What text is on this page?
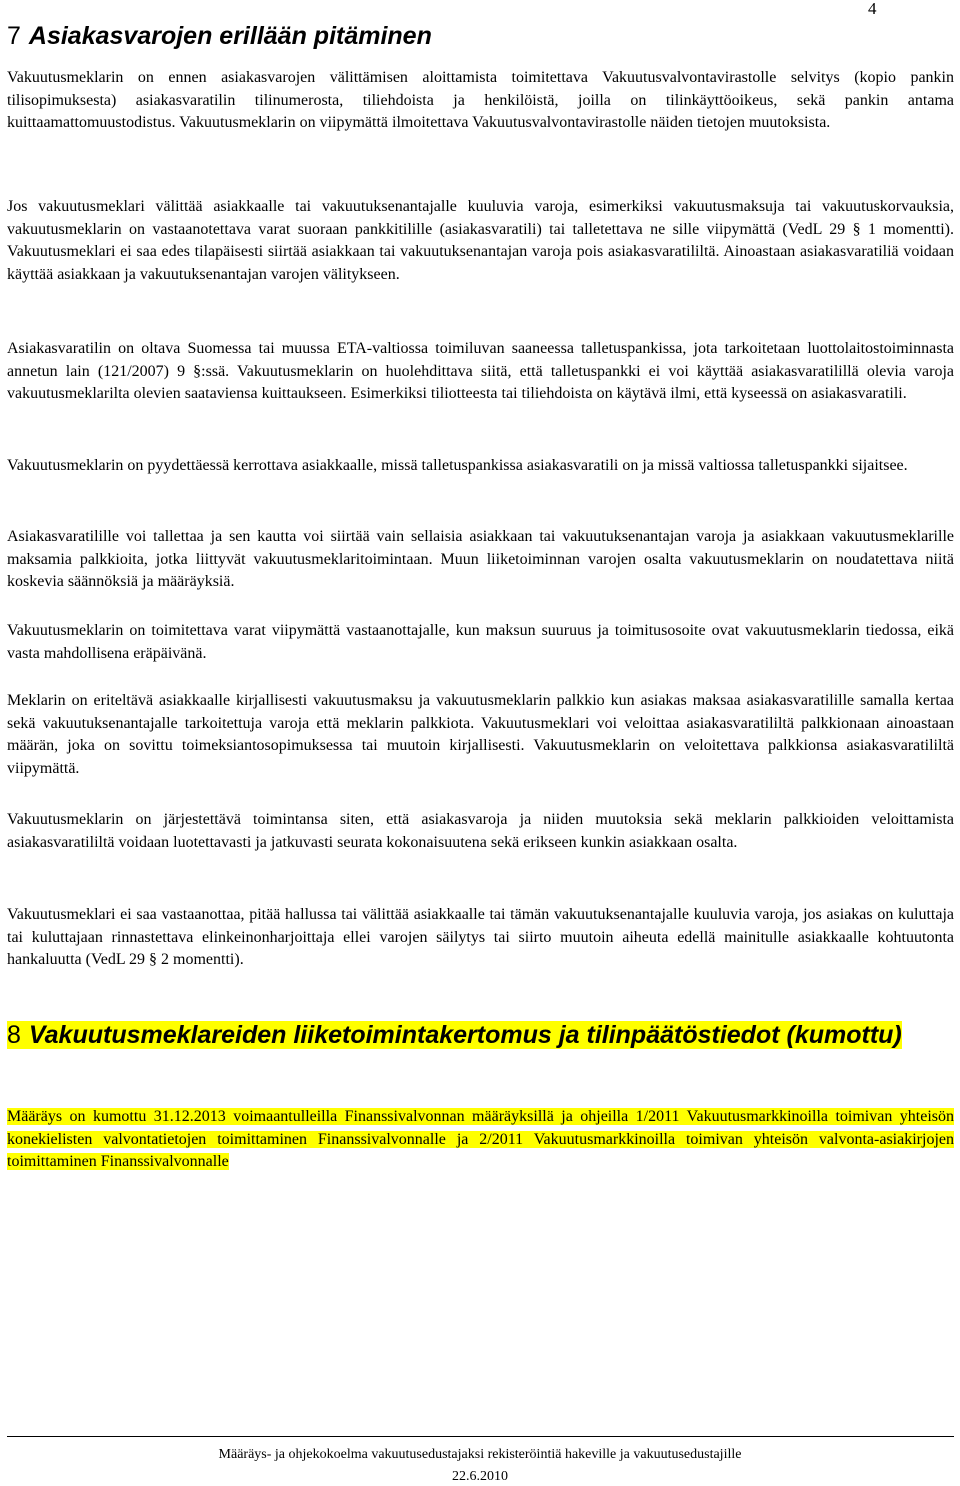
4
7 Asiakasvarojen erillään pitäminen

Vakuutusmeklarin on ennen asiakasvarojen välittämisen aloittamista toimitettava Vakuutusvalvontavirastolle selvitys (kopio pankin tilisopimuksesta) asiakasvaratilin tilinumerosta, tiliehdoista ja henkilöistä, joilla on tilinkäyttöoikeus, sekä pankin antama kuittaamattomuustodistus. Vakuutusmeklarin on viipymättä ilmoitettava Vakuutusvalvontavirastolle näiden tietojen muutoksista.

Jos vakuutusmeklari välittää asiakkaalle tai vakuutuksenantajalle kuuluvia varoja, esimerkiksi vakuutusmaksuja tai vakuutuskorvauksia, vakuutusmeklarin on vastaanotettava varat suoraan pankkitilille (asiakasvaratili) tai talletettava ne sille viipymättä (VedL 29 § 1 momentti). Vakuutusmeklari ei saa edes tilapäisesti siirtää asiakkaan tai vakuutuksenantajan varoja pois asiakasvaratililtä. Ainoastaan asiakasvaratiliä voidaan käyttää asiakkaan ja vakuutuksenantajan varojen välitykseen.

Asiakasvaratilin on oltava Suomessa tai muussa ETA-valtiossa toimiluvan saaneessa talletuspankissa, jota tarkoitetaan luottolaitostoiminnasta annetun lain (121/2007) 9 §:ssä. Vakuutusmeklarin on huolehdittava siitä, että talletuspankki ei voi käyttää asiakasvaratilillä olevia varoja vakuutusmeklarilta olevien saataviensa kuittaukseen. Esimerkiksi tiliotteesta tai tiliehdoista on käytävä ilmi, että kyseessä on asiakasvaratili.

Vakuutusmeklarin on pyydettäessä kerrottava asiakkaalle, missä talletuspankissa asiakasvaratili on ja missä valtiossa talletuspankki sijaitsee.

Asiakasvaratilille voi tallettaa ja sen kautta voi siirtää vain sellaisia asiakkaan tai vakuutuksenantajan varoja ja asiakkaan vakuutusmeklarille maksamia palkkioita, jotka liittyvät vakuutusmeklaritoimintaan. Muun liiketoiminnan varojen osalta vakuutusmeklarin on noudatettava niitä koskevia säännöksiä ja määräyksiä.

Vakuutusmeklarin on toimitettava varat viipymättä vastaanottajalle, kun maksun suuruus ja toimitusosoite ovat vakuutusmeklarin tiedossa, eikä vasta mahdollisena eräpäivänä.

Meklarin on eriteltävä asiakkaalle kirjallisesti vakuutusmaksu ja vakuutusmeklarin palkkio kun asiakas maksaa asiakasvaratilille samalla kertaa sekä vakuutuksenantajalle tarkoitettuja varoja että meklarin palkkiota. Vakuutusmeklari voi veloittaa asiakasvaratililtä palkkionaan ainoastaan määrän, joka on sovittu toimeksiantosopimuksessa tai muutoin kirjallisesti. Vakuutusmeklarin on veloitettava palkkionsa asiakasvaratililtä viipymättä.

Vakuutusmeklarin on järjestettävä toimintansa siten, että asiakasvaroja ja niiden muutoksia sekä meklarin palkkioiden veloittamista asiakasvaratililtä voidaan luotettavasti ja jatkuvasti seurata kokonaisuutena sekä erikseen kunkin asiakkaan osalta.

Vakuutusmeklari ei saa vastaanottaa, pitää hallussa tai välittää asiakkaalle tai tämän vakuutuksenantajalle kuuluvia varoja, jos asiakas on kuluttaja tai kuluttajaan rinnastettava elinkeinonharjoittaja ellei varojen säilytys tai siirto muutoin aiheuta edellä mainitulle asiakkaalle kohtuutonta hankaluutta (VedL 29 § 2 momentti).

8 Vakuutusmeklareiden liiketoimintakertomus ja tilinpäätöstiedot (kumottu)

Määräys on kumottu 31.12.2013 voimaantulleilla Finanssivalvonnan määräyksillä ja ohjeilla 1/2011 Vakuutusmarkkinoilla toimivan yhteisön konekielisten valvontatietojen toimittaminen Finanssivalvonnalle ja 2/2011 Vakuutusmarkkinoilla toimivan yhteisön valvonta-asiakirjojen toimittaminen Finanssivalvonnalle

Määräys- ja ohjekokoelma vakuutusedustajaksi rekisteröintiä hakeville ja vakuutusedustajille
22.6.2010
